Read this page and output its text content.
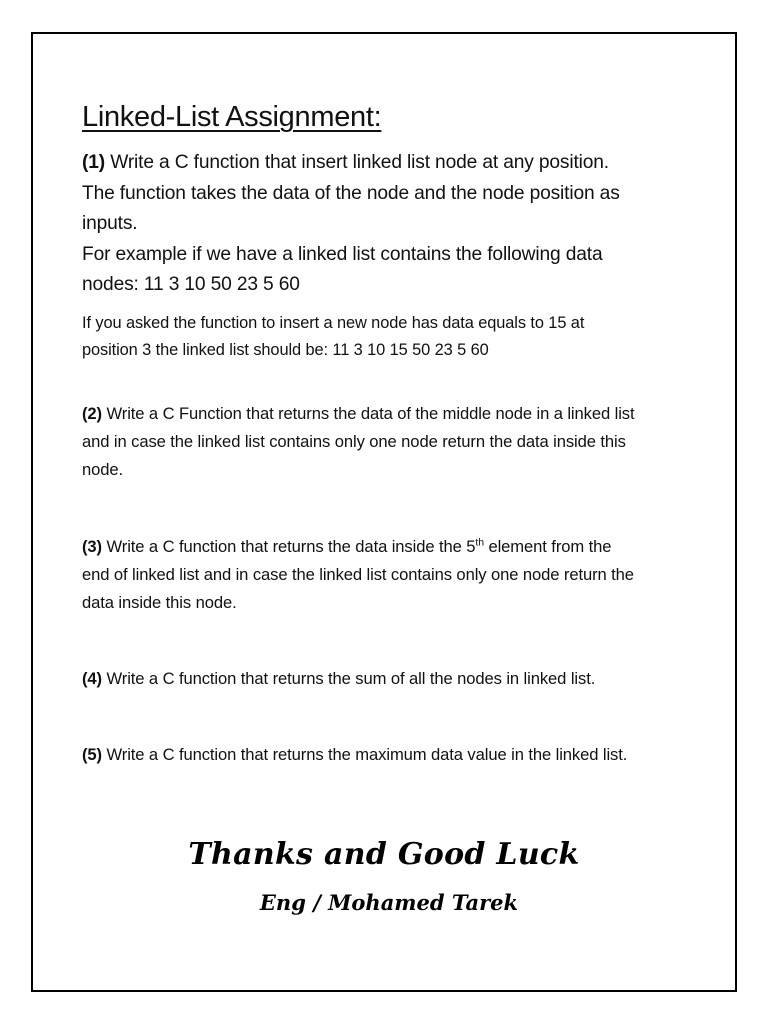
Linked-List Assignment:

(1) Write a C function that insert linked list node at any position. The function takes the data of the node and the node position as inputs.
For example if we have a linked list contains the following data nodes: 11 3 10 50 23 5 60

If you asked the function to insert a new node has data equals to 15 at position 3 the linked list should be: 11 3 10 15 50 23 5 60

(2) Write a C Function that returns the data of the middle node in a linked list and in case the linked list contains only one node return the data inside this node.

(3) Write a C function that returns the data inside the 5th element from the end of linked list and in case the linked list contains only one node return the data inside this node.

(4) Write a C function that returns the sum of all the nodes in linked list.

(5) Write a C function that returns the maximum data value in the linked list.

Thanks and Good Luck
Eng / Mohamed Tarek
